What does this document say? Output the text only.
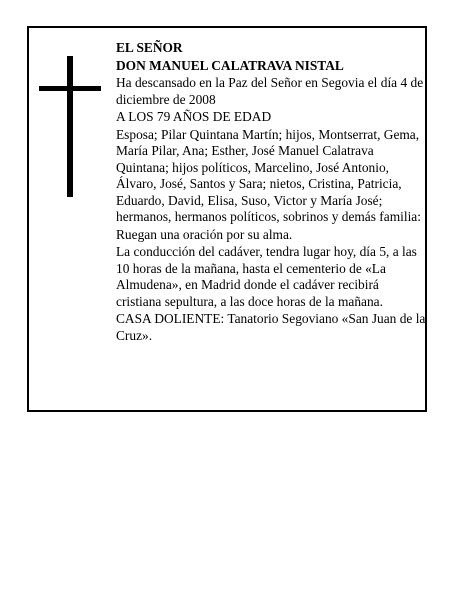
EL SEÑOR

DON MANUEL CALATRAVA NISTAL

Ha descansado en la Paz del Señor en Segovia el día 4 de diciembre de 2008

A LOS 79 AÑOS DE EDAD

Esposa; Pilar Quintana Martín; hijos, Montserrat, Gema, María Pilar, Ana; Esther, José Manuel Calatrava Quintana; hijos políticos, Marcelino, José Antonio, Álvaro, José, Santos y Sara; nietos, Cristina, Patricia, Eduardo, David, Elisa, Suso, Victor y María José; hermanos, hermanos políticos, sobrinos y demás familia:

Ruegan una oración por su alma.

La conducción del cadáver, tendra lugar hoy, día 5, a las 10 horas de la mañana, hasta el cementerio de «La Almudena», en Madrid donde el cadáver recibirá cristiana sepultura, a las doce horas de la mañana.

CASA DOLIENTE: Tanatorio Segoviano «San Juan de la Cruz».
